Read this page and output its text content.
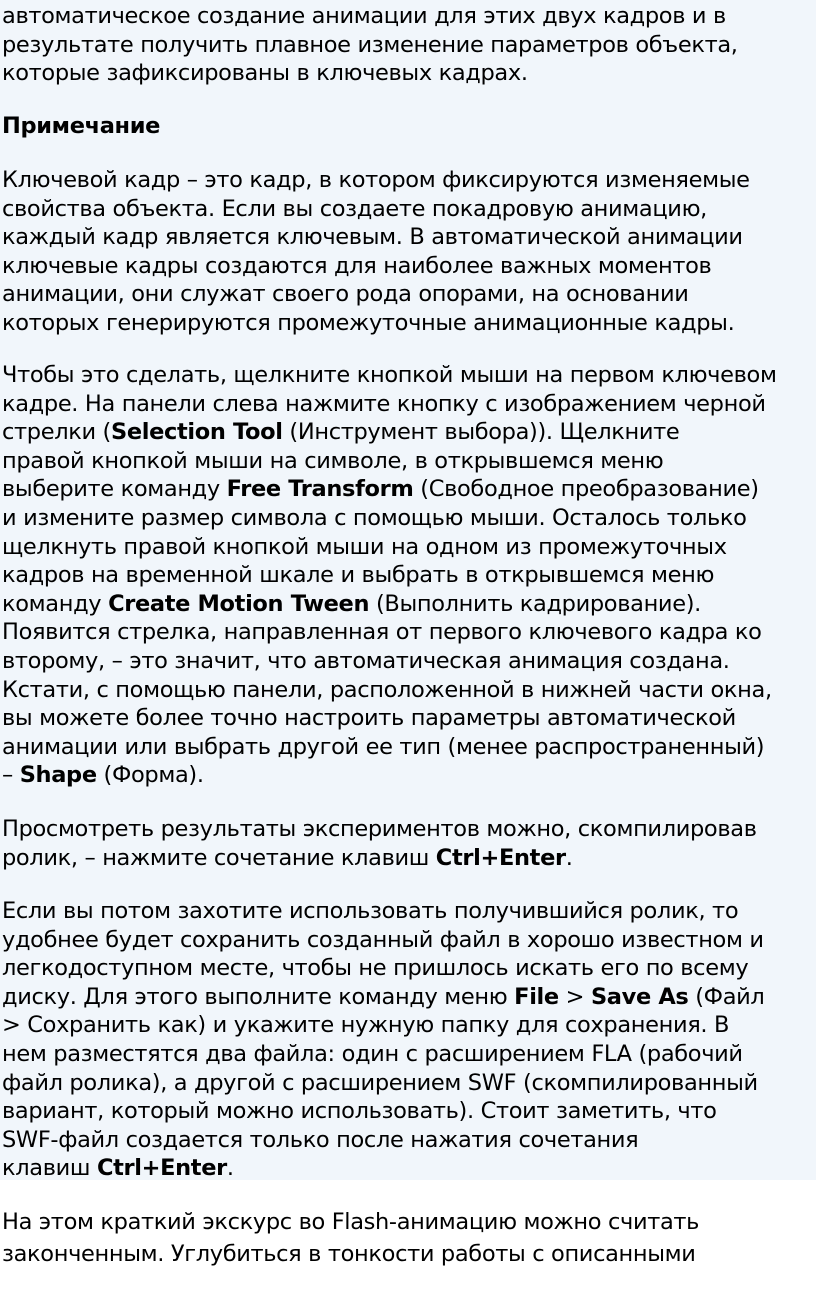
автоматическое создание анимации для этих двух кадров и в
результате получить плавное изменение параметров объекта,
которые зафиксированы в ключевых кадрах.

Примечание

Ключевой кадр – это кадр, в котором фиксируются изменяемые
свойства объекта. Если вы создаете покадровую анимацию,
каждый кадр является ключевым. В автоматической анимации
ключевые кадры создаются для наиболее важных моментов
анимации, они служат своего рода опорами, на основании
которых генерируются промежуточные анимационные кадры.

Чтобы это сделать, щелкните кнопкой мыши на первом ключевом
кадре. На панели слева нажмите кнопку с изображением черной
стрелки (Selection Tool (Инструмент выбора)). Щелкните
правой кнопкой мыши на символе, в открывшемся меню
выберите команду Free Transform (Свободное преобразование)
и измените размер символа с помощью мыши. Осталось только
щелкнуть правой кнопкой мыши на одном из промежуточных
кадров на временной шкале и выбрать в открывшемся меню
команду Create Motion Tween (Выполнить кадрирование).
Появится стрелка, направленная от первого ключевого кадра ко
второму, – это значит, что автоматическая анимация создана.
Кстати, с помощью панели, расположенной в нижней части окна,
вы можете более точно настроить параметры автоматической
анимации или выбрать другой ее тип (менее распространенный)
– Shape (Форма).

Просмотреть результаты экспериментов можно, скомпилировав
ролик, – нажмите сочетание клавиш Ctrl+Enter.

Если вы потом захотите использовать получившийся ролик, то
удобнее будет сохранить созданный файл в хорошо известном и
легкодоступном месте, чтобы не пришлось искать его по всему
диску. Для этого выполните команду меню File > Save As (Файл
> Сохранить как) и укажите нужную папку для сохранения. В
нем разместятся два файла: один с расширением FLA (рабочий
файл ролика), а другой с расширением SWF (скомпилированный
вариант, который можно использовать). Стоит заметить, что
SWF-файл создается только после нажатия сочетания
клавиш Ctrl+Enter.

На этом краткий экскурс во Flash-анимацию можно считать
законченным. Углубиться в тонкости работы с описанными
